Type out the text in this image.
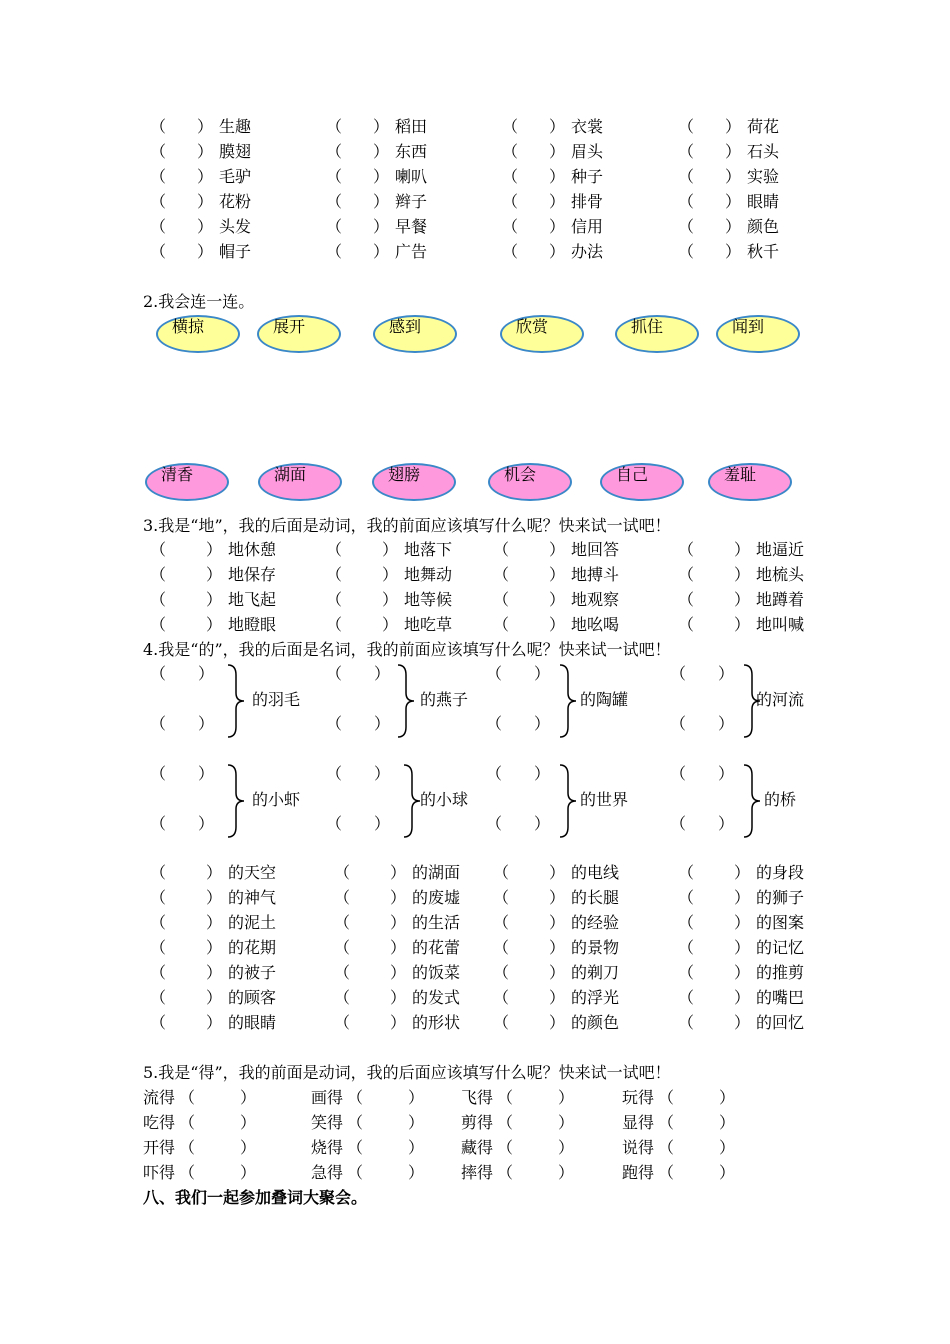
（ ） 生趣	（ ） 稻田	（ ） 衣裳	（ ） 荷花
（ ） 膜翅	（ ） 东西	（ ） 眉头	（ ） 石头
（ ） 毛驴	（ ） 喇叭	（ ） 种子	（ ） 实验
（ ） 花粉	（ ） 辫子	（ ） 排骨	（ ） 眼睛
（ ） 头发	（ ） 早餐	（ ） 信用	（ ） 颜色
（ ） 帽子	（ ） 广告	（ ） 办法	（ ） 秋千
2.我会连一连。
横掠	展开	感到	欣赏	抓住	闻到
清香	湖面	翅膀	机会	自己	羞耻
3.我是“地”，我的后面是动词，我的前面应该填写什么呢？快来试一试吧！
（ ） 地休憩	（ ） 地落下	（ ） 地回答	（ ） 地逼近
（ ） 地保存	（ ） 地舞动	（ ） 地搏斗	（ ） 地梳头
（ ） 地飞起	（ ） 地等候	（ ） 地观察	（ ） 地蹲着
（ ） 地瞪眼	（ ） 地吃草	（ ） 地吆喝	（ ） 地叫喊
4.我是“的”，我的后面是名词，我的前面应该填写什么呢？快来试一试吧！
（　　 ）
（　　 ）
的羽毛
（　　 ）
（　　 ）
的燕子
（　　 ）
（　　 ）
的陶罐
（　　 ）
（　　 ）
的河流
（　　 ）
（　　 ）
的小虾
（　　 ）
（　　 ）
的小球
（　　 ）
（　　 ）
的世界
（　　 ）
（　　 ）
的桥
（ ） 的天空	（ ） 的湖面 （ ） 的电线	（ ） 的身段
（ ） 的神气	（ ） 的废墟 （ ） 的长腿	（ ） 的狮子
（ ） 的泥土	（ ） 的生活 （ ） 的经验	（ ） 的图案
（ ） 的花期	（ ） 的花蕾 （ ） 的景物	（ ） 的记忆
（ ） 的被子	（ ） 的饭菜 （ ） 的剃刀	（ ） 的推剪
（ ） 的顾客	（ ） 的发式 （ ） 的浮光	（ ） 的嘴巴
（ ） 的眼睛	（ ） 的形状 （ ） 的颜色	（ ） 的回忆
5.我是“得”，我的前面是动词，我的后面应该填写什么呢？快来试一试吧！
流得 （	）	画得 （	） 飞得 （	）	玩得 （	）
吃得 （	）	笑得 （	） 剪得 （	）	显得 （	）
开得 （	）	烧得 （	） 藏得 （	）	说得 （	）
吓得 （	）	急得 （	） 摔得 （	）	跑得 （	）
八、我们一起参加叠词大聚会。
